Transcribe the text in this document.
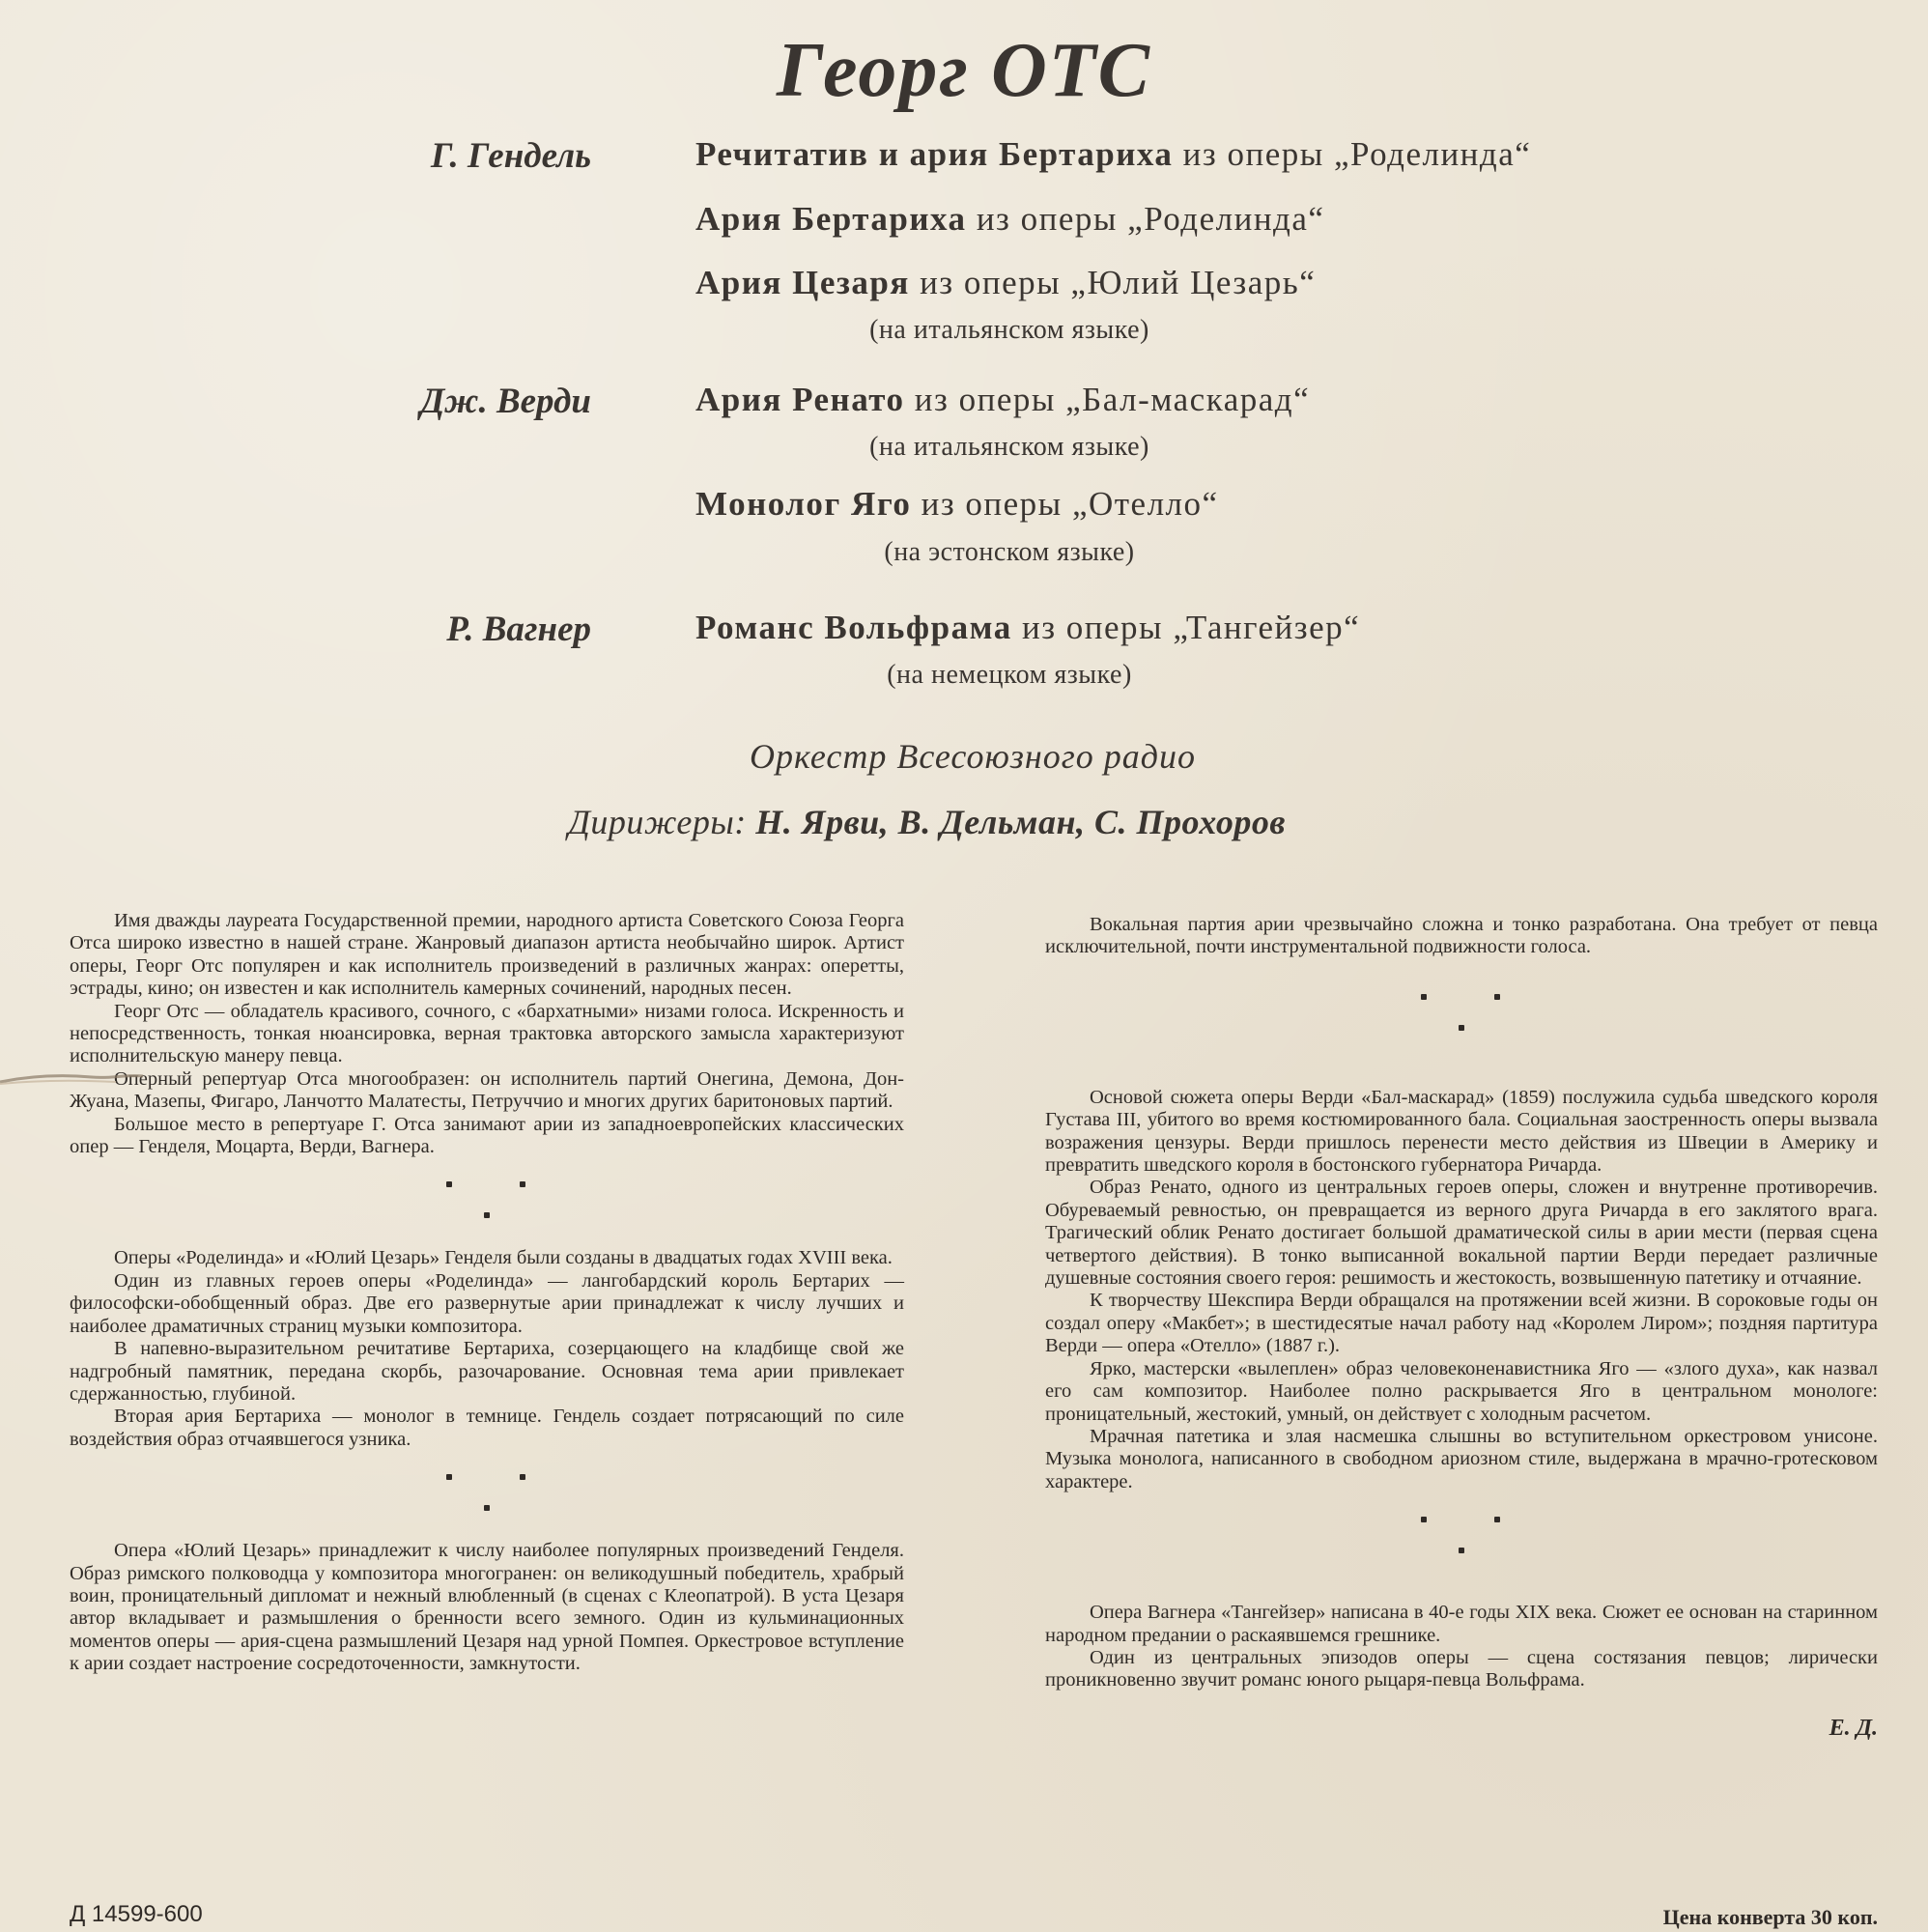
Георг ОТС
Г. Гендель	Речитатив и ария Бертариха из оперы „Роделинда“
Ария Бертариха из оперы „Роделинда“
Ария Цезаря из оперы „Юлий Цезарь“
(на итальянском языке)
Дж. Верди	Ария Ренато из оперы „Бал-маскарад“
(на итальянском языке)
Монолог Яго из оперы „Отелло“
(на эстонском языке)
Р. Вагнер	Романс Вольфрама из оперы „Тангейзер“
(на немецком языке)
Оркестр Всесоюзного радио
Дирижеры: Н. Ярви, В. Дельман, С. Прохоров

Имя дважды лауреата Государственной премии, народного артиста Советского Союза Георга Отса широко известно в нашей стране. Жанровый диапазон артиста необычайно широк. Артист оперы, Георг Отс популярен и как исполнитель произведений в различных жанрах: оперетты, эстрады, кино; он известен и как исполнитель камерных сочинений, народных песен.

Георг Отс — обладатель красивого, сочного, с «бархатными» низами голоса. Искренность и непосредственность, тонкая нюансировка, верная трактовка авторского замысла характеризуют исполнительскую манеру певца.

Оперный репертуар Отса многообразен: он исполнитель партий Онегина, Демона, Дон-Жуана, Мазепы, Фигаро, Ланчотто Малатесты, Петруччио и многих других баритоновых партий.

Большое место в репертуаре Г. Отса занимают арии из западноевропейских классических опер — Генделя, Моцарта, Верди, Вагнера.

Оперы «Роделинда» и «Юлий Цезарь» Генделя были созданы в двадцатых годах XVIII века.

Один из главных героев оперы «Роделинда» — лангобардский король Бертарих — философски-обобщенный образ. Две его развернутые арии принадлежат к числу лучших и наиболее драматичных страниц музыки композитора.

В напевно-выразительном речитативе Бертариха, созерцающего на кладбище свой же надгробный памятник, передана скорбь, разочарование. Основная тема арии привлекает сдержанностью, глубиной.

Вторая ария Бертариха — монолог в темнице. Гендель создает потрясающий по силе воздействия образ отчаявшегося узника.

Опера «Юлий Цезарь» принадлежит к числу наиболее популярных произведений Генделя. Образ римского полководца у композитора многогранен: он великодушный победитель, храбрый воин, проницательный дипломат и нежный влюбленный (в сценах с Клеопатрой). В уста Цезаря автор вкладывает и размышления о бренности всего земного. Один из кульминационных моментов оперы — ария-сцена размышлений Цезаря над урной Помпея. Оркестровое вступление к арии создает настроение сосредоточенности, замкнутости.

Вокальная партия арии чрезвычайно сложна и тонко разработана. Она требует от певца исключительной, почти инструментальной подвижности голоса.

Основой сюжета оперы Верди «Бал-маскарад» (1859) послужила судьба шведского короля Густава III, убитого во время костюмированного бала. Социальная заостренность оперы вызвала возражения цензуры. Верди пришлось перенести место действия из Швеции в Америку и превратить шведского короля в бостонского губернатора Ричарда.

Образ Ренато, одного из центральных героев оперы, сложен и внутренне противоречив. Обуреваемый ревностью, он превращается из верного друга Ричарда в его заклятого врага. Трагический облик Ренато достигает большой драматической силы в арии мести (первая сцена четвертого действия). В тонко выписанной вокальной партии Верди передает различные душевные состояния своего героя: решимость и жестокость, возвышенную патетику и отчаяние.

К творчеству Шекспира Верди обращался на протяжении всей жизни. В сороковые годы он создал оперу «Макбет»; в шестидесятые начал работу над «Королем Лиром»; поздняя партитура Верди — опера «Отелло» (1887 г.).

Ярко, мастерски «вылеплен» образ человеконенавистника Яго — «злого духа», как назвал его сам композитор. Наиболее полно раскрывается Яго в центральном монологе: проницательный, жестокий, умный, он действует с холодным расчетом.

Мрачная патетика и злая насмешка слышны во вступительном оркестровом унисоне. Музыка монолога, написанного в свободном ариозном стиле, выдержана в мрачно-гротесковом характере.

Опера Вагнера «Тангейзер» написана в 40-е годы XIX века. Сюжет ее основан на старинном народном предании о раскаявшемся грешнике.

Один из центральных эпизодов оперы — сцена состязания певцов; лирически проникновенно звучит романс юного рыцаря-певца Вольфрама.

Е. Д.
Д 14599-600	Цена конверта 30 коп.
